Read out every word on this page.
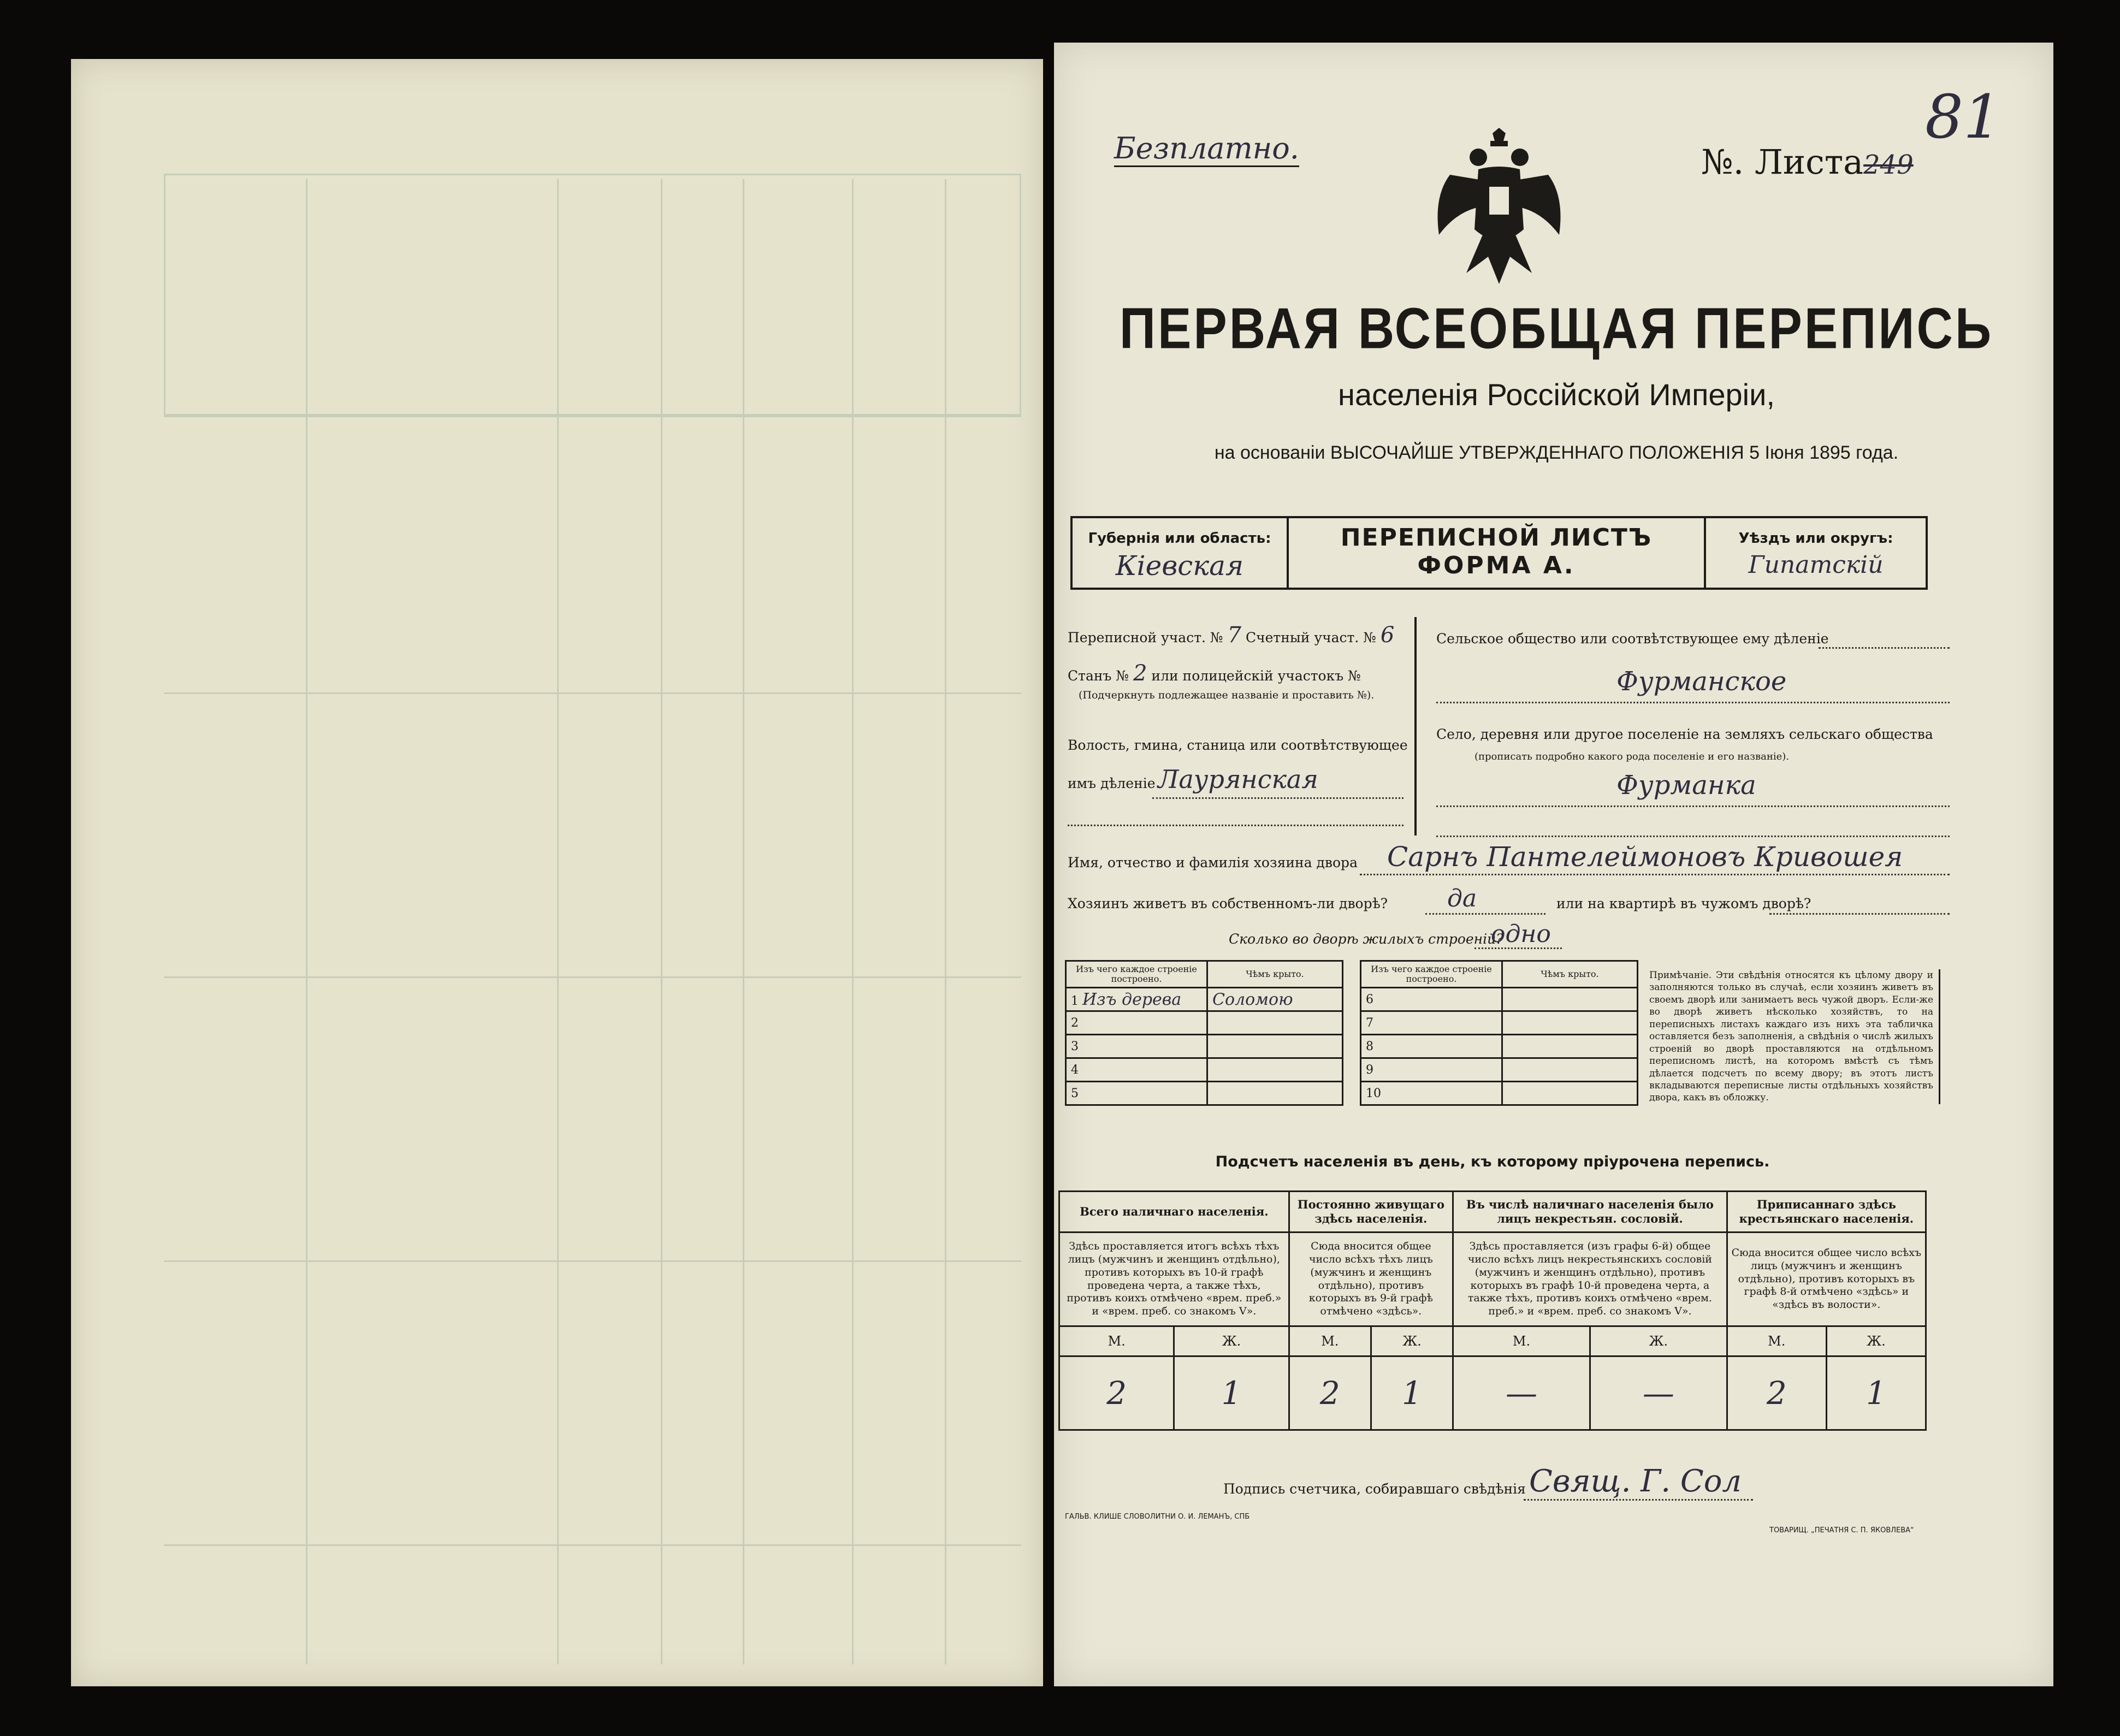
Безплатно.	№. Листа249
81
ПЕРВАЯ ВСЕОБЩАЯ ПЕРЕПИСЬ
населенія Россійской Имперіи,
на основаніи ВЫСОЧАЙШЕ УТВЕРЖДЕННАГО ПОЛОЖЕНІЯ 5 Іюня 1895 года.
Губернія или область:
Кіевская
ПЕРЕПИСНОЙ ЛИСТЪ
ФОРМА А.
Уѣздъ или округъ:
Гипатскій
Переписной участ. № 7 Счетный участ. № 6
Станъ № 2 или полицейскій участокъ №
(Подчеркнуть подлежащее названіе и проставить №).
Волость, гмина, станица или соотвѣтствующее
имъ дѣленіе Лаурянская
Сельское общество или соотвѣтствующее ему дѣленіе
Фурманское
Село, деревня или другое поселеніе на земляхъ сельскаго общества
(прописать подробно какого рода поселеніе и его названіе).
Фурманка
Имя, отчество и фамилія хозяина двора Сарнъ Пантелеймоновъ Кривошея
Хозяинъ живетъ въ собственномъ-ли дворѣ? да	или на квартирѣ въ чужомъ дворѣ?
Сколько во дворѣ жилыхъ строеній?
одно
Изъ чего каждое строеніе построено.	Чѣмъ крыто.
1 Изъ дерева	Соломою
2	
3	
4	
5	
Изъ чего каждое строеніе построено.	Чѣмъ крыто.
6	
7	
8	
9	
10	
Примѣчаніе. Эти свѣдѣнія относятся къ цѣлому двору и заполняются только въ случаѣ, если хозяинъ живетъ въ своемъ дворѣ или занимаетъ весь чужой дворъ. Если-же во дворѣ живетъ нѣсколько хозяйствъ, то на переписныхъ листахъ каждаго изъ нихъ эта табличка оставляется безъ заполненія, а свѣдѣнія о числѣ жилыхъ строеній во дворѣ проставляются на отдѣльномъ переписномъ листѣ, на которомъ вмѣстѣ съ тѣмъ дѣлается подсчетъ по всему двору; въ этотъ листъ вкладываются переписные листы отдѣльныхъ хозяйствъ двора, какъ въ обложку.
Подсчетъ населенія въ день, къ которому пріурочена перепись.
Всего наличнаго населенія.		Постоянно живущаго здѣсь населенія.		Въ числѣ наличнаго населенія было лицъ некрестьян. сословій.		Приписаннаго здѣсь крестьянскаго населенія.	
Здѣсь проставляется итогъ всѣхъ тѣхъ лицъ (мужчинъ и женщинъ отдѣльно), противъ которыхъ въ 10-й графѣ проведена черта, а также тѣхъ, противъ коихъ отмѣчено «врем. преб.» и «врем. преб. со знакомъ V».		Сюда вносится общее число всѣхъ тѣхъ лицъ (мужчинъ и женщинъ отдѣльно), противъ которыхъ въ 9-й графѣ отмѣчено «здѣсь».		Здѣсь проставляется (изъ графы 6-й) общее число всѣхъ лицъ некрестьянскихъ сословій (мужчинъ и женщинъ отдѣльно), противъ которыхъ въ графѣ 10-й проведена черта, а также тѣхъ, противъ коихъ отмѣчено «врем. преб.» и «врем. преб. со знакомъ V».		Сюда вносится общее число всѣхъ лицъ (мужчинъ и женщинъ отдѣльно), противъ которыхъ въ графѣ 8-й отмѣчено «здѣсь» и «здѣсь въ волости».	
М.	Ж.	М.	Ж.	М.	Ж.	М.	Ж.
2	1	2	1	—	—	2	1
Подпись счетчика, собиравшаго свѣдѣнія Свящ. Г. Сол
ГАЛЬВ. КЛИШЕ СЛОВОЛИТНИ О. И. ЛЕМАНЪ, СПБ
ТОВАРИЩ. „ПЕЧАТНЯ С. П. ЯКОВЛЕВА“
